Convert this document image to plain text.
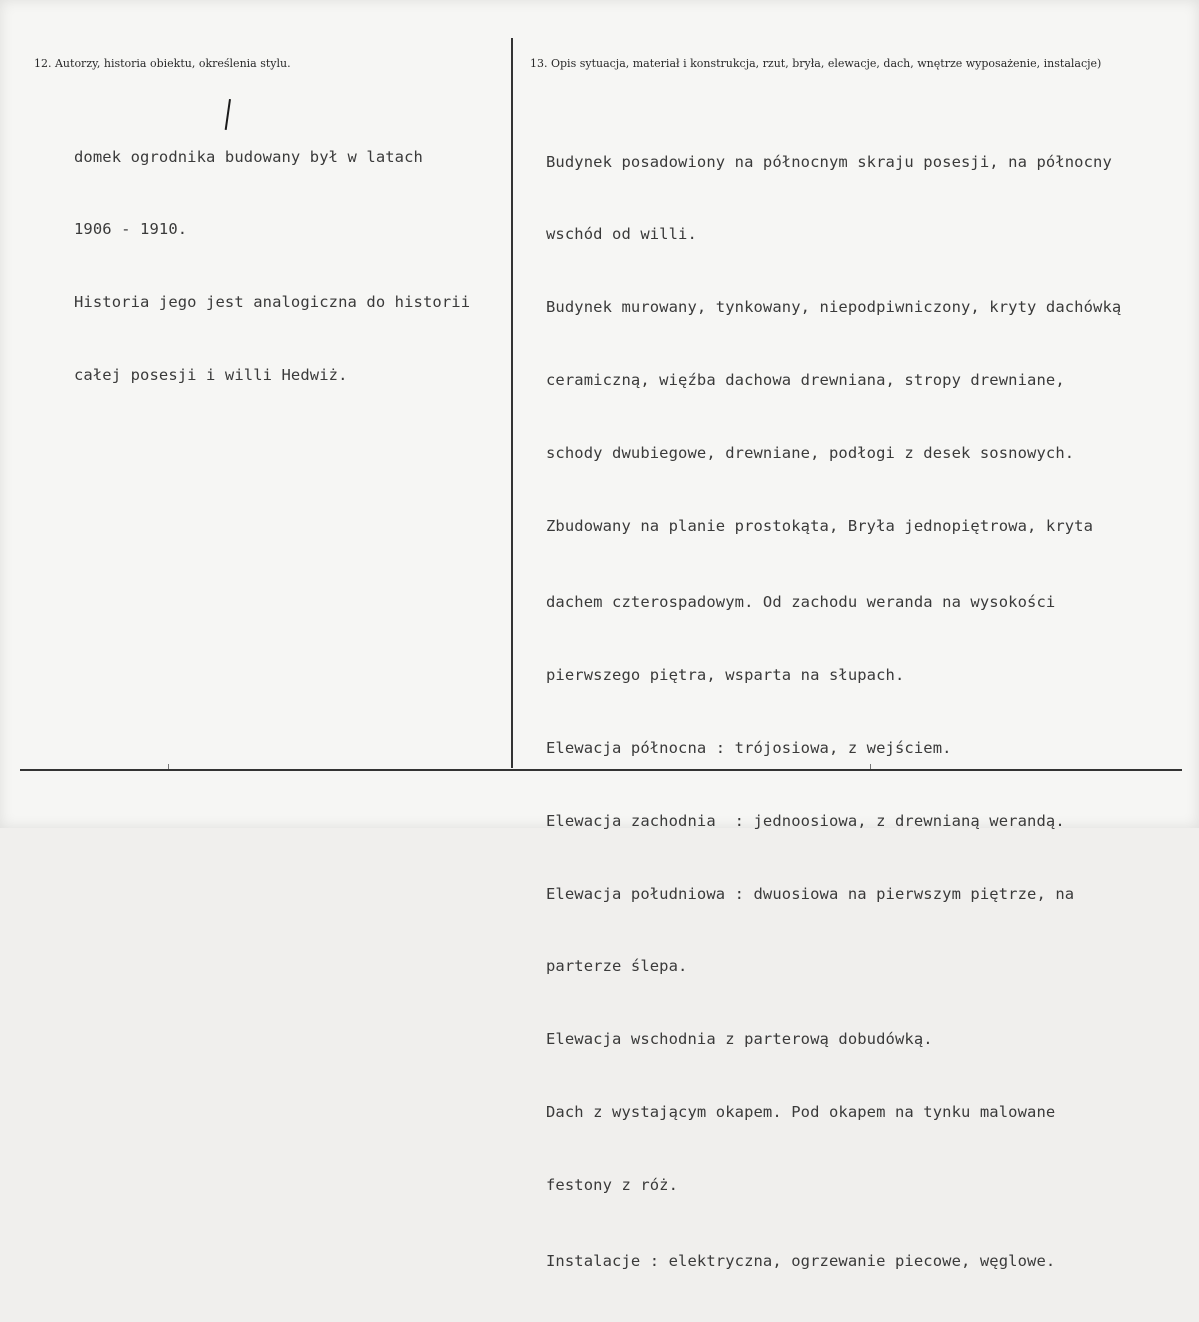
12. Autorzy, historia obiektu, określenia stylu.	13. Opis sytuacja, materiał i konstrukcja, rzut, bryła, elewacje, dach, wnętrze wyposażenie, instalacje)

domek ogrodnika budowany był w latach

1906 - 1910.

Historia jego jest analogiczna do historii

całej posesji i willi Hedwiż.

Budynek posadowiony na północnym skraju posesji, na północny

wschód od willi.

Budynek murowany, tynkowany, niepodpiwniczony, kryty dachówką

ceramiczną, więźba dachowa drewniana, stropy drewniane,

schody dwubiegowe, drewniane, podłogi z desek sosnowych.

Zbudowany na planie prostokąta, Bryła jednopiętrowa, kryta

dachem czterospadowym. Od zachodu weranda na wysokości

pierwszego piętra, wsparta na słupach.

Elewacja północna : trójosiowa, z wejściem.

Elewacja zachodnia  : jednoosiowa, z drewnianą werandą.

Elewacja południowa : dwuosiowa na pierwszym piętrze, na

parterze ślepa.

Elewacja wschodnia z parterową dobudówką.

Dach z wystającym okapem. Pod okapem na tynku malowane

festony z róż.

Instalacje : elektryczna, ogrzewanie piecowe, węglowe.
